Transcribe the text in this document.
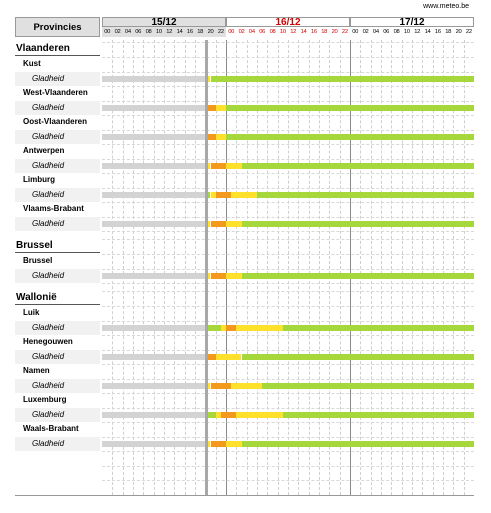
www.meteo.be
Provincies	15/12	16/12	17/12
00 02 04 06 08 10 12 14 16 18 20 22 00 02 04 06 08 10 12 14 16 18 20 22 00 02 04 06 08 10 12 14 16 18 20 22
Vlaanderen
Kust
Gladheid
West-Vlaanderen
Gladheid
Oost-Vlaanderen
Gladheid
Antwerpen
Gladheid
Limburg
Gladheid
Vlaams-Brabant
Gladheid
Brussel
Brussel
Gladheid
Wallonië
Luik
Gladheid
Henegouwen
Gladheid
Namen
Gladheid
Luxemburg
Gladheid
Waals-Brabant
Gladheid
